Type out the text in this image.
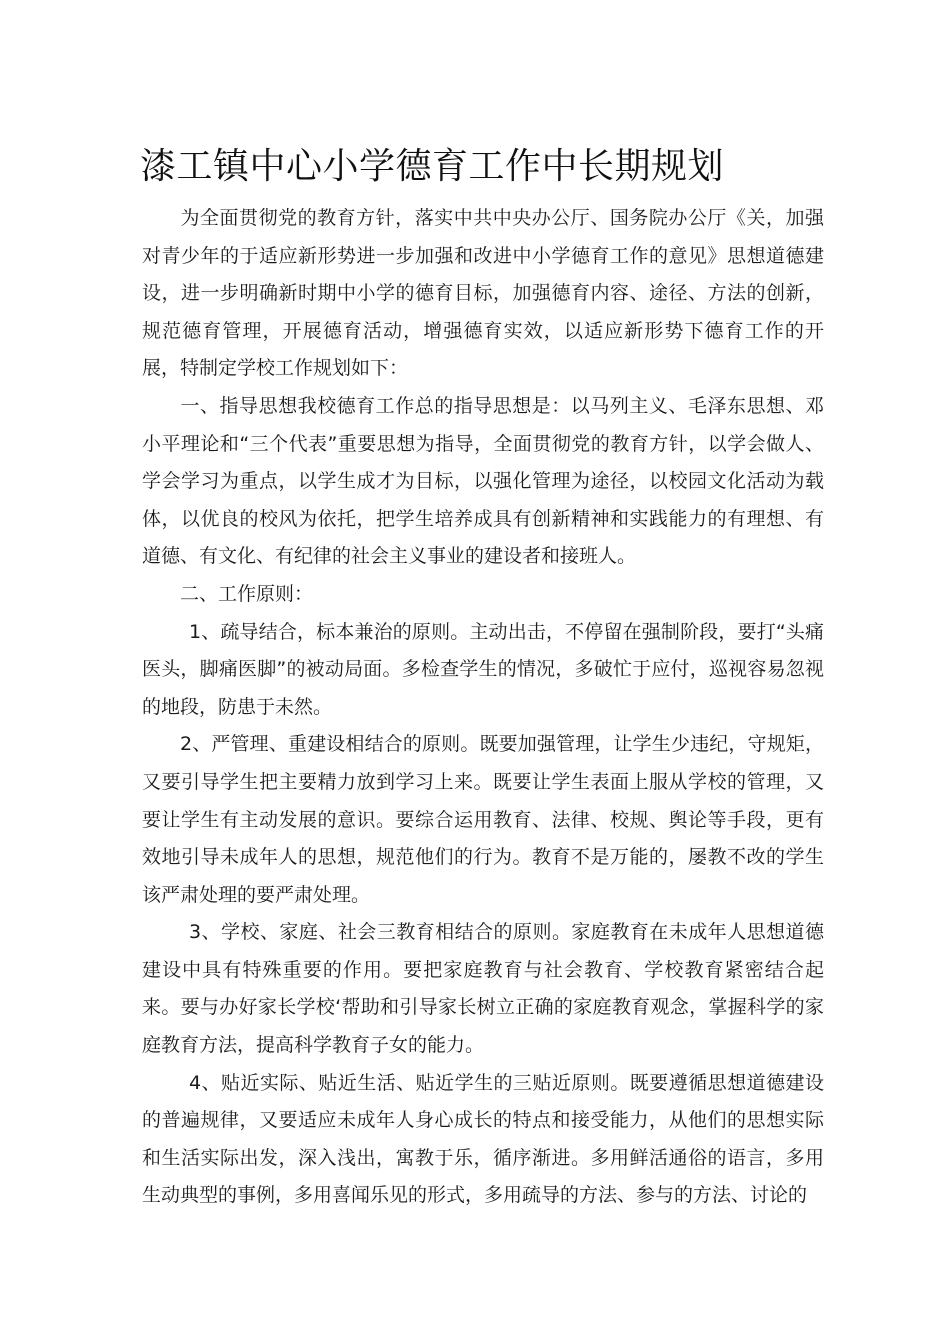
漆工镇中心小学德育工作中长期规划

为全面贯彻党的教育方针，落实中共中央办公厅、国务院办公厅《关，加强对青少年的于适应新形势进一步加强和改进中小学德育工作的意见》思想道德建设，进一步明确新时期中小学的德育目标，加强德育内容、途径、方法的创新，规范德育管理，开展德育活动，增强德育实效，以适应新形势下德育工作的开展，特制定学校工作规划如下：

一、指导思想我校德育工作总的指导思想是：以马列主义、毛泽东思想、邓小平理论和“三个代表”重要思想为指导，全面贯彻党的教育方针，以学会做人、学会学习为重点，以学生成才为目标，以强化管理为途径，以校园文化活动为载体，以优良的校风为依托，把学生培养成具有创新精神和实践能力的有理想、有道德、有文化、有纪律的社会主义事业的建设者和接班人。

二、工作原则：

1、疏导结合，标本兼治的原则。主动出击，不停留在强制阶段，要打“头痛医头，脚痛医脚”的被动局面。多检查学生的情况，多破忙于应付，巡视容易忽视的地段，防患于未然。

2、严管理、重建设相结合的原则。既要加强管理，让学生少违纪，守规矩，又要引导学生把主要精力放到学习上来。既要让学生表面上服从学校的管理，又要让学生有主动发展的意识。要综合运用教育、法律、校规、舆论等手段，更有效地引导未成年人的思想，规范他们的行为。教育不是万能的，屡教不改的学生该严肃处理的要严肃处理。

3、学校、家庭、社会三教育相结合的原则。家庭教育在未成年人思想道德建设中具有特殊重要的作用。要把家庭教育与社会教育、学校教育紧密结合起来。要与办好家长学校‘帮助和引导家长树立正确的家庭教育观念，掌握科学的家庭教育方法，提高科学教育子女的能力。

4、贴近实际、贴近生活、贴近学生的三贴近原则。既要遵循思想道德建设的普遍规律，又要适应未成年人身心成长的特点和接受能力，从他们的思想实际和生活实际出发，深入浅出，寓教于乐，循序渐进。多用鲜活通俗的语言，多用生动典型的事例，多用喜闻乐见的形式，多用疏导的方法、参与的方法、讨论的
